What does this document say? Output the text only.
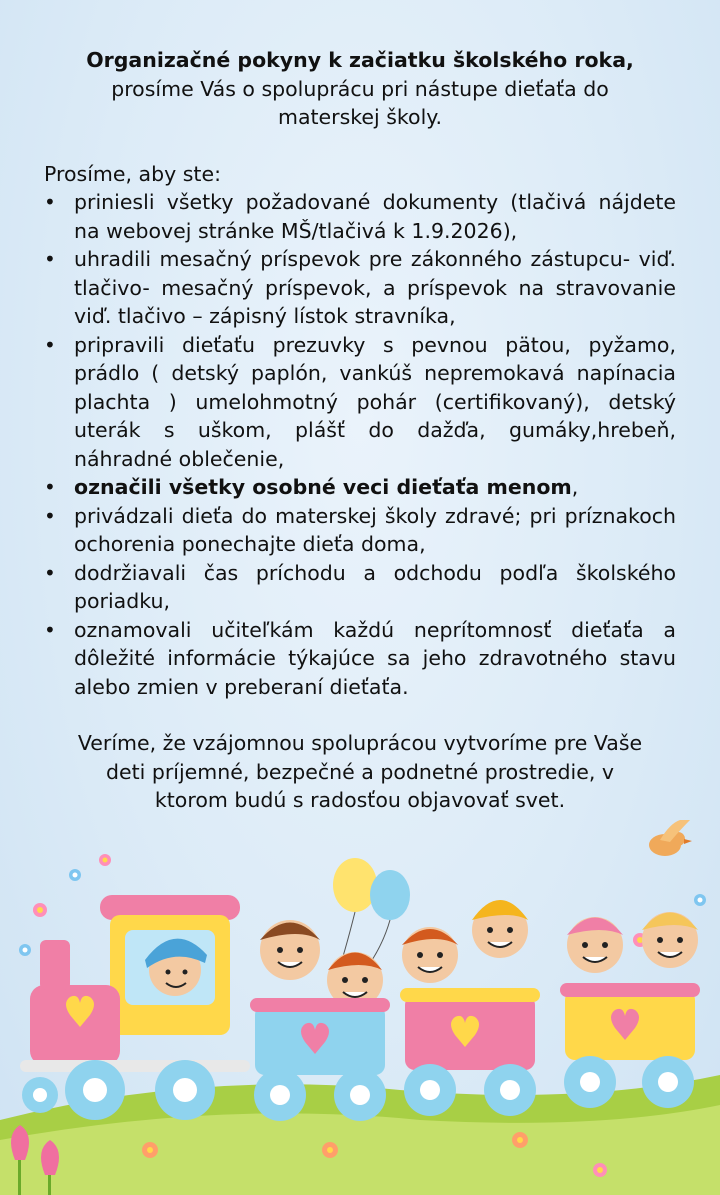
Organizačné pokyny k začiatku školského roka,
prosíme Vás o spoluprácu pri nástupe dieťaťa do
materskej školy.

Prosíme, aby ste:
• priniesli všetky požadované dokumenty (tlačivá nájdete na webovej stránke MŠ/tlačivá k 1.9.2026),
• uhradili mesačný príspevok pre zákonného zástupcu- viď. tlačivo- mesačný príspevok, a príspevok na stravovanie viď. tlačivo – zápisný lístok stravníka,
• pripravili dieťaťu prezuvky s pevnou pätou, pyžamo, prádlo ( detský paplón, vankúš nepremokavá napínacia plachta ) umelohmotný pohár (certifikovaný), detský uterák s uškom, plášť do dažďa, gumáky,hrebeň, náhradné oblečenie,
• označili všetky osobné veci dieťaťa menom,
• privádzali dieťa do materskej školy zdravé; pri príznakoch ochorenia ponechajte dieťa doma,
• dodržiavali čas príchodu a odchodu podľa školského poriadku,
• oznamovali učiteľkám každú neprítomnosť dieťaťa a dôležité informácie týkajúce sa jeho zdravotného stavu alebo zmien v preberaní dieťaťa.

Veríme, že vzájomnou spoluprácou vytvoríme pre Vaše
deti príjemné, bezpečné a podnetné prostredie, v
ktorom budú s radosťou objavovať svet.
